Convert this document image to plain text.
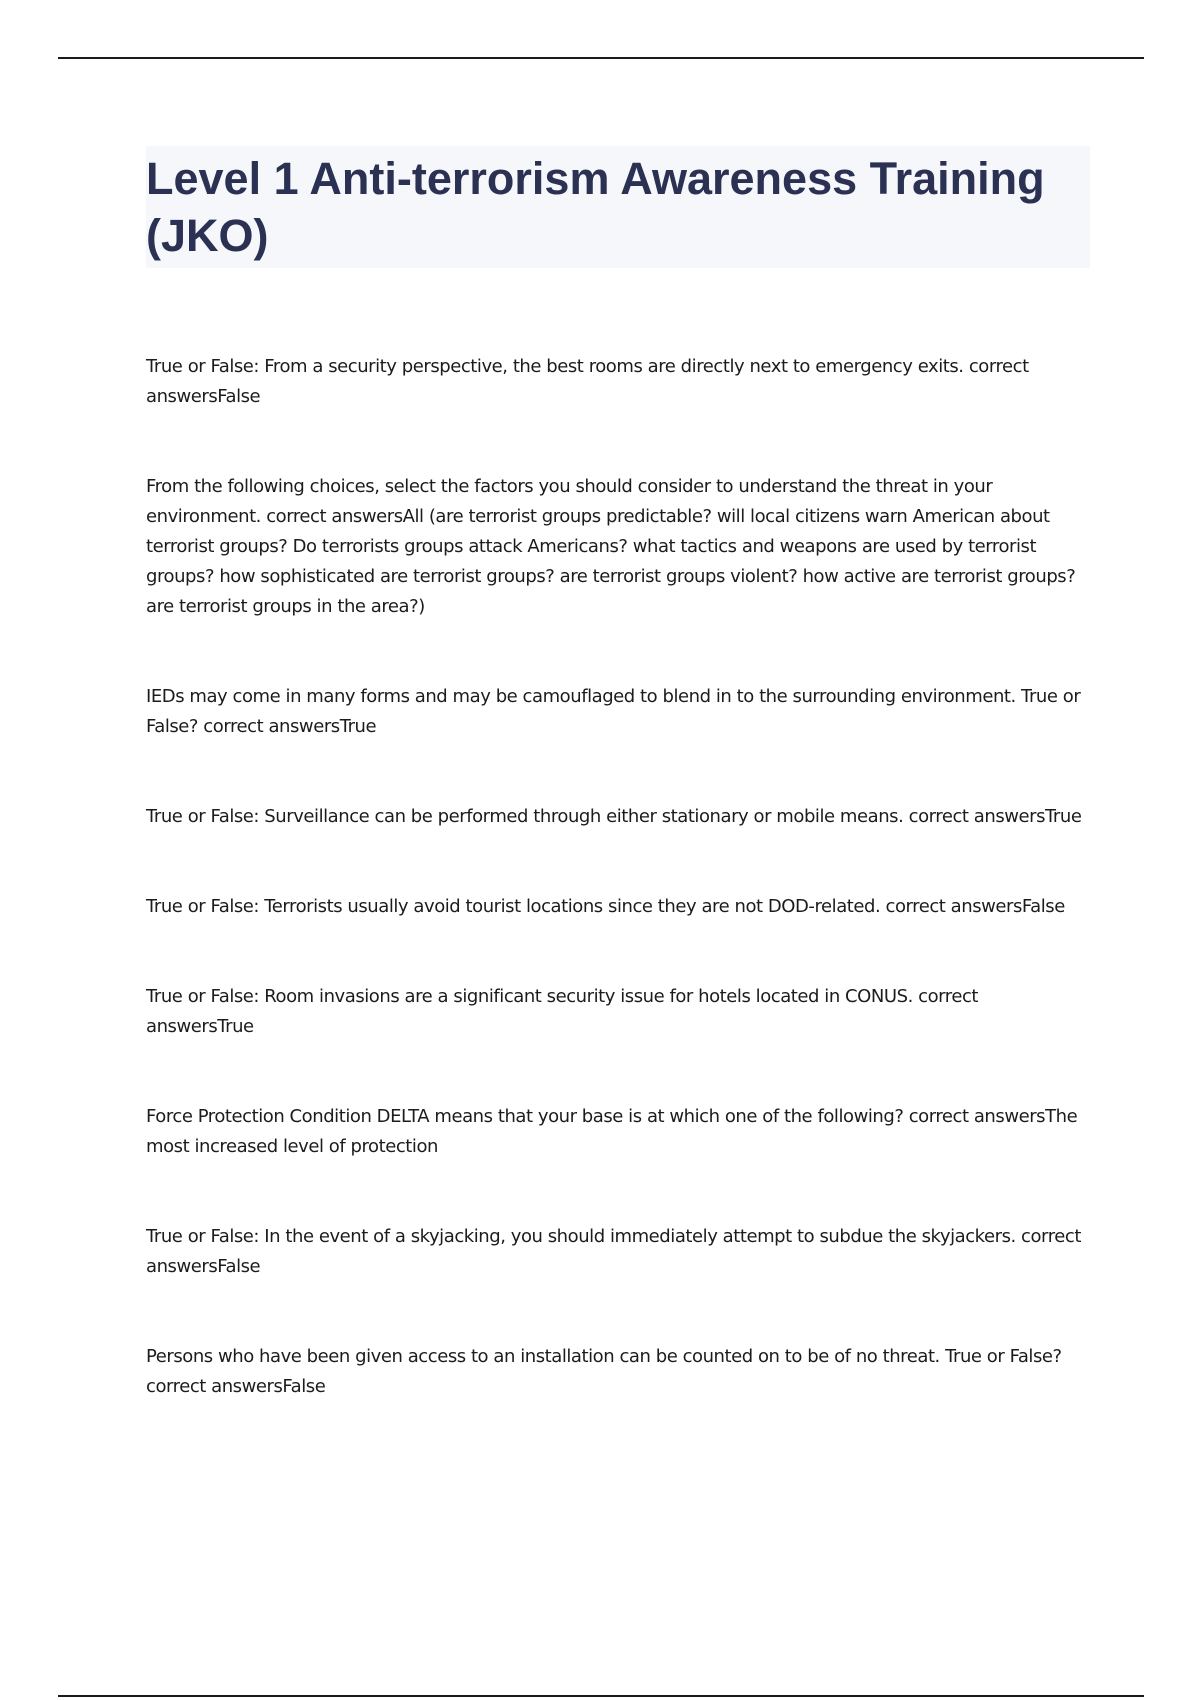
Level 1 Anti-terrorism Awareness Training (JKO)

True or False: From a security perspective, the best rooms are directly next to emergency exits. correct answersFalse

From the following choices, select the factors you should consider to understand the threat in your environment. correct answersAll (are terrorist groups predictable? will local citizens warn American about terrorist groups? Do terrorists groups attack Americans? what tactics and weapons are used by terrorist groups? how sophisticated are terrorist groups? are terrorist groups violent? how active are terrorist groups? are terrorist groups in the area?)

IEDs may come in many forms and may be camouflaged to blend in to the surrounding environment. True or False? correct answersTrue

True or False: Surveillance can be performed through either stationary or mobile means. correct answersTrue

True or False: Terrorists usually avoid tourist locations since they are not DOD-related. correct answersFalse

True or False: Room invasions are a significant security issue for hotels located in CONUS. correct answersTrue

Force Protection Condition DELTA means that your base is at which one of the following? correct answersThe most increased level of protection

True or False: In the event of a skyjacking, you should immediately attempt to subdue the skyjackers. correct answersFalse

Persons who have been given access to an installation can be counted on to be of no threat. True or False? correct answersFalse
